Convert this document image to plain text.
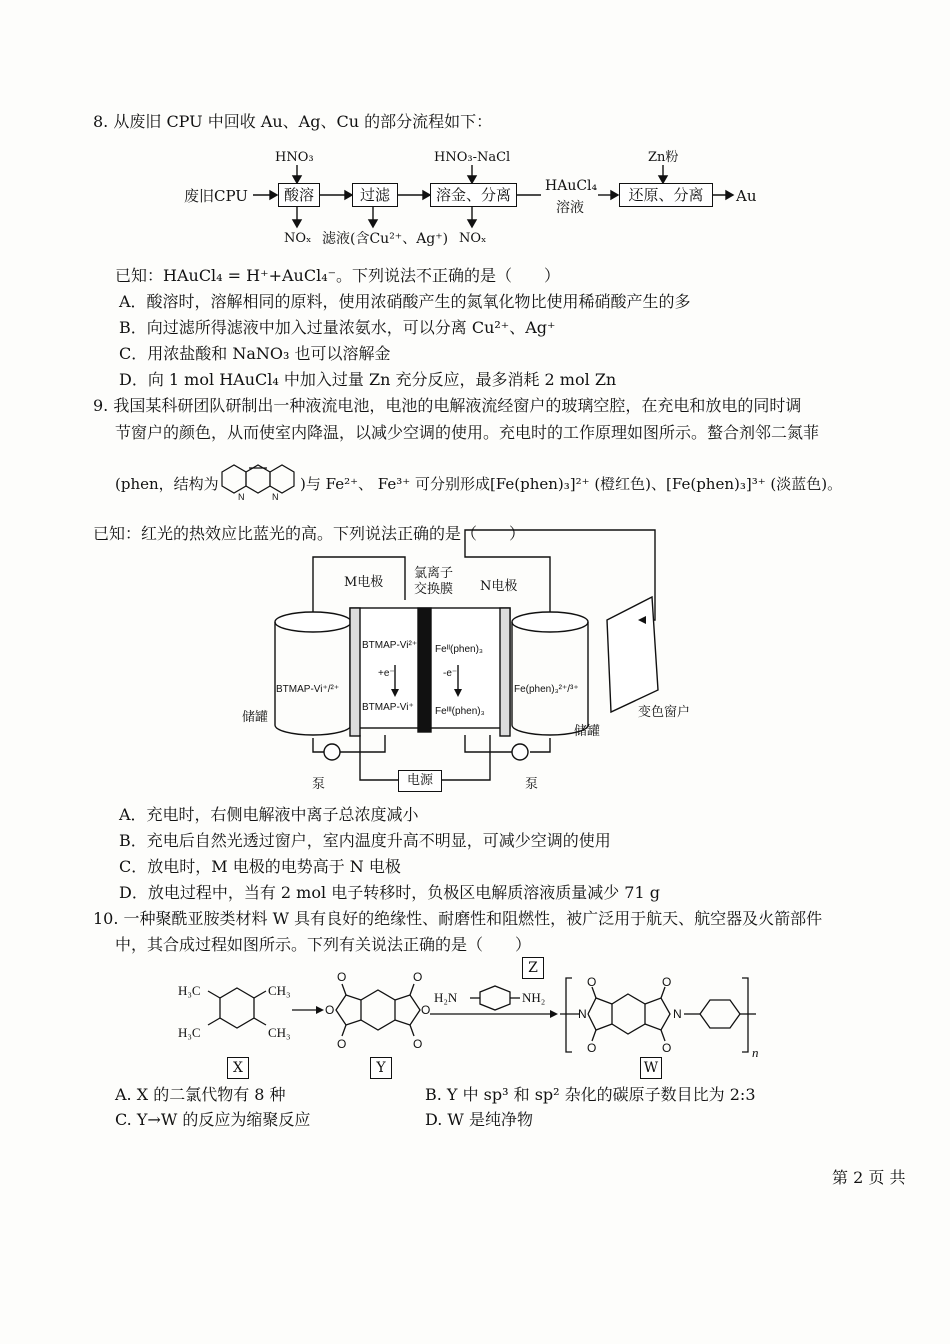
8. 从废旧 CPU 中回收 Au、Ag、Cu 的部分流程如下：
废旧CPU
HNO₃
酸溶
NOₓ
过滤
滤液(含Cu²⁺、Ag⁺)
HNO₃-NaCl
溶金、分离
NOₓ
HAuCl₄
溶液
Zn粉
还原、分离	Au
已知：HAuCl₄ = H⁺+AuCl₄⁻。下列说法不正确的是（　　）
A．酸溶时，溶解相同的原料，使用浓硝酸产生的氮氧化物比使用稀硝酸产生的多
B．向过滤所得滤液中加入过量浓氨水，可以分离 Cu²⁺、Ag⁺
C．用浓盐酸和 NaNO₃ 也可以溶解金
D．向 1 mol HAuCl₄ 中加入过量 Zn 充分反应，最多消耗 2 mol Zn
9. 我国某科研团队研制出一种液流电池，电池的电解液流经窗户的玻璃空腔，在充电和放电的同时调
节窗户的颜色，从而使室内降温，以减少空调的使用。充电时的工作原理如图所示。螯合剂邻二氮菲
(phen，结构为
N	N
)与 Fe²⁺、 Fe³⁺ 可分别形成[Fe(phen)₃]²⁺ (橙红色)、[Fe(phen)₃]³⁺ (淡蓝色)。
已知：红光的热效应比蓝光的高。下列说法正确的是（　　）
M电极
氯离子
交换膜 N电极
BTMAP-Vi²⁺
+e⁻
BTMAP-Vi⁺
Feᴵᴵ(phen)₃
-e⁻
Feᴵᴵᴵ(phen)₃
BTMAP-Vi⁺/²⁺	Fe(phen)₃²⁺/³⁺
储罐
储罐
泵	泵
电源
变色窗户
A．充电时，右侧电解液中离子总浓度减小
B．充电后自然光透过窗户，室内温度升高不明显，可减少空调的使用
C．放电时，M 电极的电势高于 N 电极
D．放电过程中，当有 2 mol 电子转移时，负极区电解质溶液质量减少 71 g
10. 一种聚酰亚胺类材料 W 具有良好的绝缘性、耐磨性和阻燃性，被广泛用于航天、航空器及火箭部件
中，其合成过程如图所示。下列有关说法正确的是（　　）
H₃C	CH₃
H₃C	CH₃
O	O
O	O
O	O
H₂N	NH₂
O	O
O	O
N	N
X	Y
Z
W
n
A. X 的二氯代物有 8 种	B. Y 中 sp³ 和 sp² 杂化的碳原子数目比为 2:3
C. Y→W 的反应为缩聚反应	D. W 是纯净物
第 2 页 共
